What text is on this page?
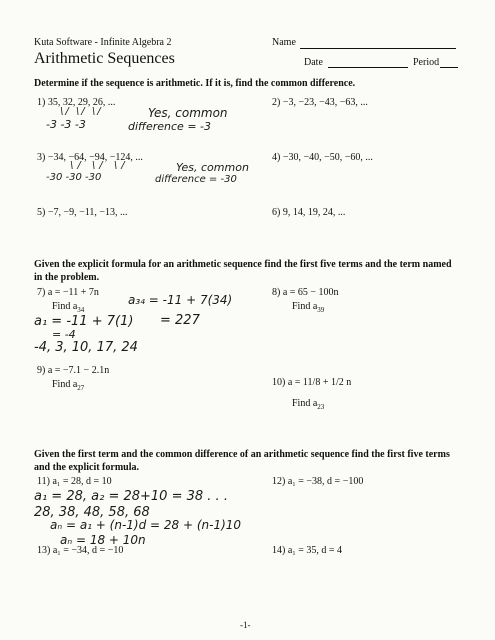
Kuta Software - Infinite Algebra 2	Name
Arithmetic Sequences	Date	Period
Determine if the sequence is arithmetic. If it is, find the common difference.
1) 35, 32, 29, 26, ...	2) −3, −23, −43, −63, ...
\/ \/ \/
-3 -3 -3
Yes, common
difference = -3
3) −34, −64, −94, −124, ...	4) −30, −40, −50, −60, ...
\/ \/ \/
-30 -30 -30
Yes, common
difference = -30
5) −7, −9, −11, −13, ...	6) 9, 14, 19, 24, ...
Given the explicit formula for an arithmetic sequence find the first five terms and the term named in the problem.
7) a = −11 + 7n
Find $a_{34}$
a₃₄ = -11 + 7(34)
= 227
a₁ = -11 + 7(1)
= -4
-4, 3, 10, 17, 24
8) a = 65 − 100n
Find $a_{39}$
9) a = −7.1 − 2.1n
Find $a_{27}$	10) a = 11/8 + 1/2 n
Find $a_{23}$
Given the first term and the common difference of an arithmetic sequence find the first five terms and the explicit formula.
11) a₁ = 28, d = 10	12) a₁ = −38, d = −100
a₁ = 28, a₂ = 28+10 = 38 . . .
28, 38, 48, 58, 68
aₙ = a₁ + (n-1)d = 28 + (n-1)10
aₙ = 18 + 10n
13) a₁ = −34, d = −10	14) a₁ = 35, d = 4
-1-
